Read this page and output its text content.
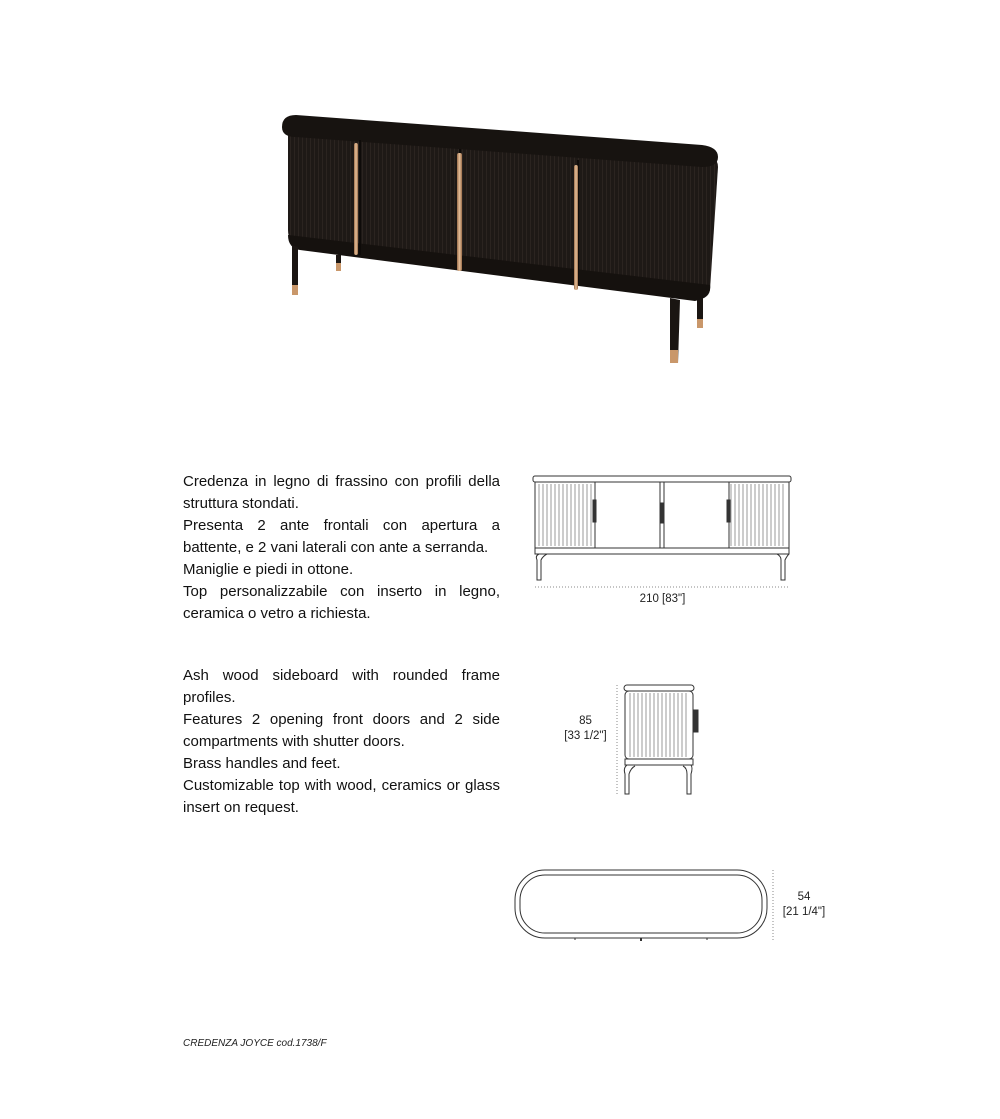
Credenza in legno di frassino con profili della struttura stondati.

Presenta 2 ante frontali con apertura a battente, e 2 vani laterali con ante a serranda.

Maniglie e piedi in ottone.

Top personalizzabile con inserto in legno, ceramica o vetro a richiesta.

Ash wood sideboard with rounded frame profiles.

Features 2 opening front doors and 2 side compartments with shutter doors.

Brass handles and feet.

Customizable top with wood, ceramics or glass insert on request.

210 [83"]
85
[33 1/2"]
54
[21 1/4"]
CREDENZA JOYCE cod.1738/F
